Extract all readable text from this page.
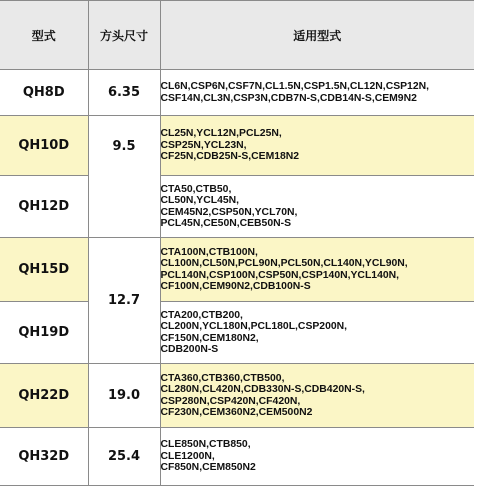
型式	方头尺寸	适用型式
QH8D	6.35	CL6N,CSP6N,CSF7N,CL1.5N,CSP1.5N,CL12N,CSP12N,
CSF14N,CL3N,CSP3N,CDB7N-S,CDB14N-S,CEM9N2

QH10D	9.5	CL25N,YCL12N,PCL25N,
CSP25N,YCL23N,
CF25N,CDB25N-S,CEM18N2

QH12D		CTA50,CTB50,
CL50N,YCL45N,
CEM45N2,CSP50N,YCL70N,
PCL45N,CE50N,CEB50N-S

QH15D	12.7	CTA100N,CTB100N,
CL100N,CL50N,PCL90N,PCL50N,CL140N,YCL90N,
PCL140N,CSP100N,CSP50N,CSP140N,YCL140N,
CF100N,CEM90N2,CDB100N-S

QH19D		CTA200,CTB200,
CL200N,YCL180N,PCL180L,CSP200N,
CF150N,CEM180N2,
CDB200N-S

QH22D	19.0	CTA360,CTB360,CTB500,
CL280N,CL420N,CDB330N-S,CDB420N-S,
CSP280N,CSP420N,CF420N,
CF230N,CEM360N2,CEM500N2

QH32D	25.4	CLE850N,CTB850,
CLE1200N,
CF850N,CEM850N2
